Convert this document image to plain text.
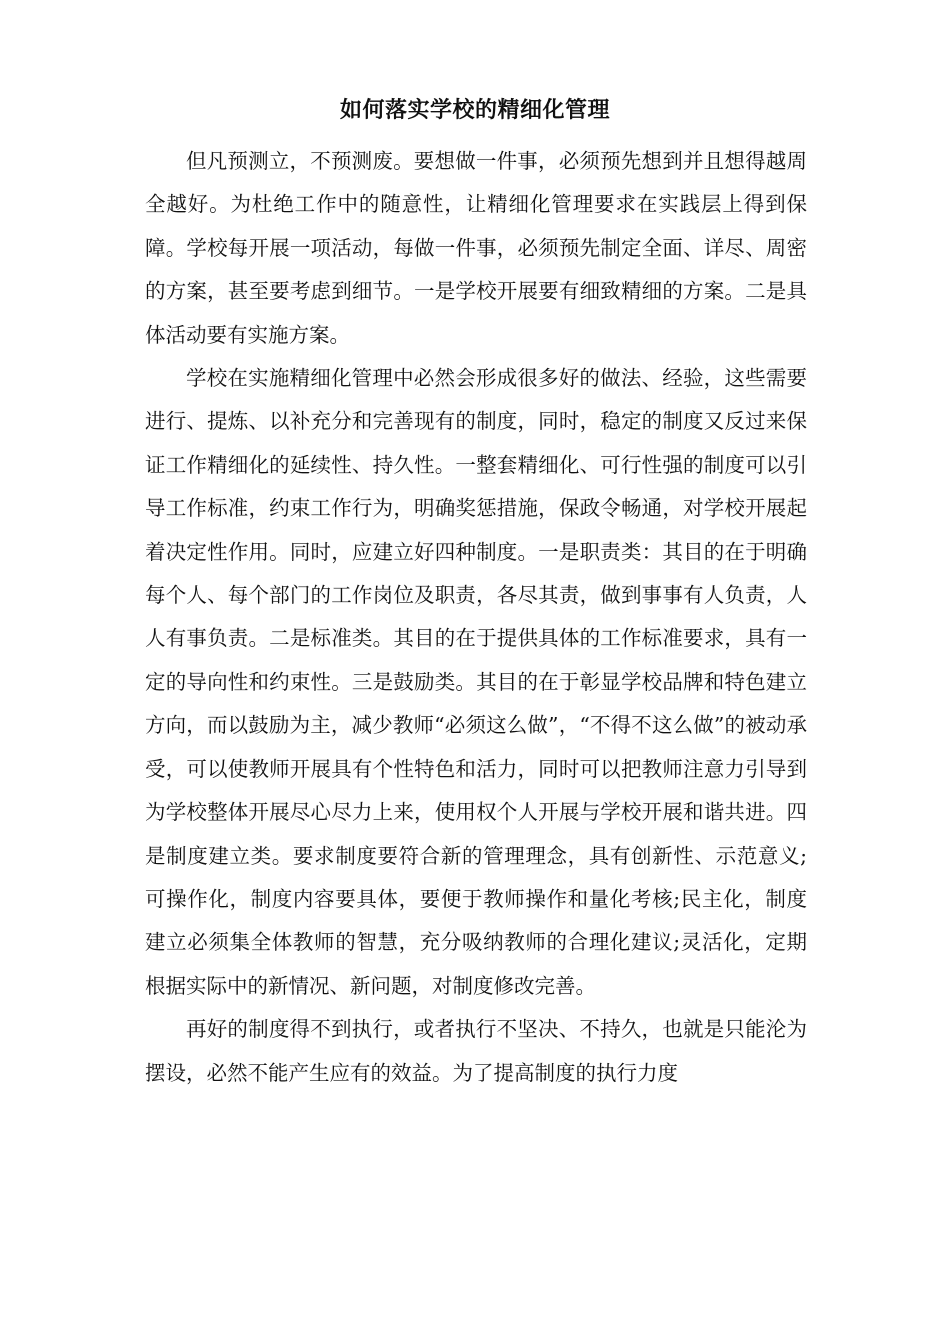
如何落实学校的精细化管理

但凡预测立，不预测废。要想做一件事，必须预先想到并且想得越周全越好。为杜绝工作中的随意性，让精细化管理要求在实践层上得到保障。学校每开展一项活动，每做一件事，必须预先制定全面、详尽、周密的方案，甚至要考虑到细节。一是学校开展要有细致精细的方案。二是具体活动要有实施方案。

学校在实施精细化管理中必然会形成很多好的做法、经验，这些需要进行、提炼、以补充分和完善现有的制度，同时，稳定的制度又反过来保证工作精细化的延续性、持久性。一整套精细化、可行性强的制度可以引导工作标准，约束工作行为，明确奖惩措施，保政令畅通，对学校开展起着决定性作用。同时，应建立好四种制度。一是职责类：其目的在于明确每个人、每个部门的工作岗位及职责，各尽其责，做到事事有人负责，人人有事负责。二是标准类。其目的在于提供具体的工作标准要求，具有一定的导向性和约束性。三是鼓励类。其目的在于彰显学校品牌和特色建立方向，而以鼓励为主，减少教师“必须这么做”，“不得不这么做”的被动承受，可以使教师开展具有个性特色和活力，同时可以把教师注意力引导到为学校整体开展尽心尽力上来，使用权个人开展与学校开展和谐共进。四是制度建立类。要求制度要符合新的管理理念，具有创新性、示范意义;可操作化，制度内容要具体，要便于教师操作和量化考核;民主化，制度建立必须集全体教师的智慧，充分吸纳教师的合理化建议;灵活化，定期根据实际中的新情况、新问题，对制度修改完善。

再好的制度得不到执行，或者执行不坚决、不持久，也就是只能沦为摆设，必然不能产生应有的效益。为了提高制度的执行力度
